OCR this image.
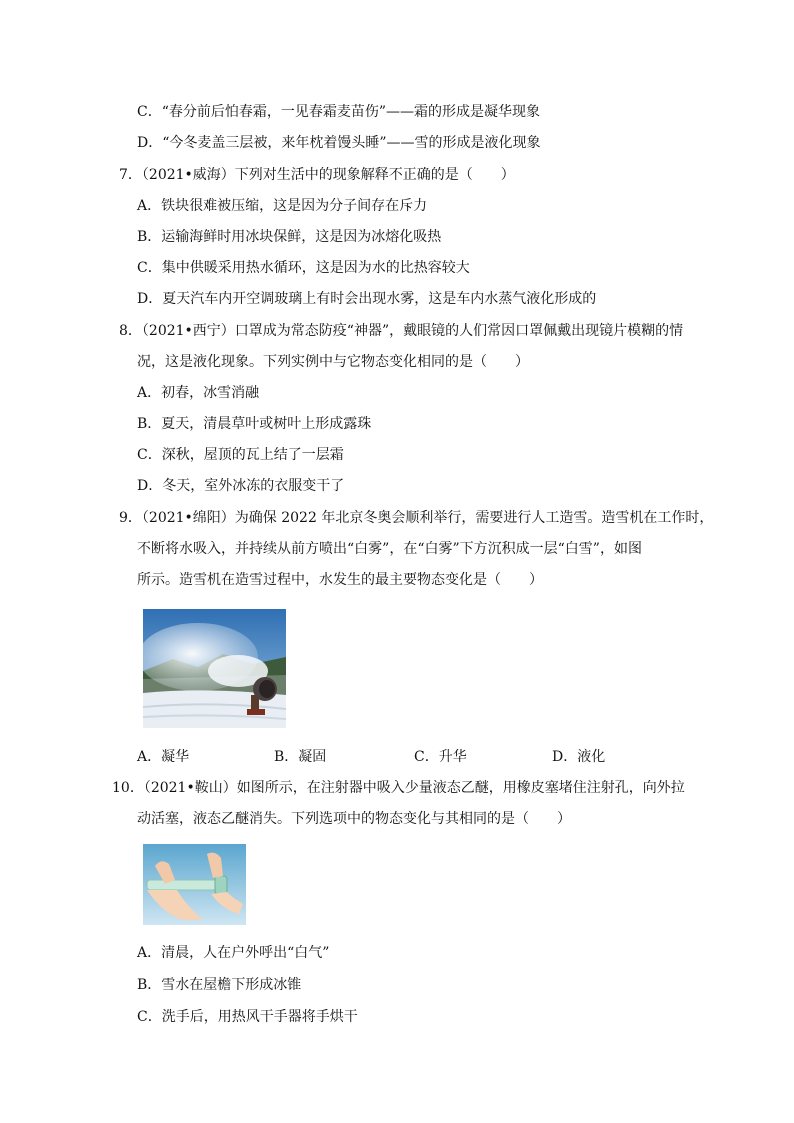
C．“春分前后怕春霜，一见春霜麦苗伤”——霜的形成是凝华现象
D．“今冬麦盖三层被，来年枕着馒头睡”——雪的形成是液化现象
7．（2021•威海）下列对生活中的现象解释不正确的是（　　）
A．铁块很难被压缩，这是因为分子间存在斥力
B．运输海鲜时用冰块保鲜，这是因为冰熔化吸热
C．集中供暖采用热水循环，这是因为水的比热容较大
D．夏天汽车内开空调玻璃上有时会出现水雾，这是车内水蒸气液化形成的
8．（2021•西宁）口罩成为常态防疫“神器”，戴眼镜的人们常因口罩佩戴出现镜片模糊的情
况，这是液化现象。下列实例中与它物态变化相同的是（　　）
A．初春，冰雪消融
B．夏天，清晨草叶或树叶上形成露珠
C．深秋，屋顶的瓦上结了一层霜
D．冬天，室外冰冻的衣服变干了
9．（2021•绵阳）为确保 2022 年北京冬奥会顺利举行，需要进行人工造雪。造雪机在工作时，
不断将水吸入，并持续从前方喷出“白雾”，在“白雾”下方沉积成一层“白雪”，如图
所示。造雪机在造雪过程中，水发生的最主要物态变化是（　　）
A．凝华	B．凝固	C．升华	D．液化
10．（2021•鞍山）如图所示，在注射器中吸入少量液态乙醚，用橡皮塞堵住注射孔，向外拉
动活塞，液态乙醚消失。下列选项中的物态变化与其相同的是（　　）
A．清晨，人在户外呼出“白气”
B．雪水在屋檐下形成冰锥
C．洗手后，用热风干手器将手烘干
